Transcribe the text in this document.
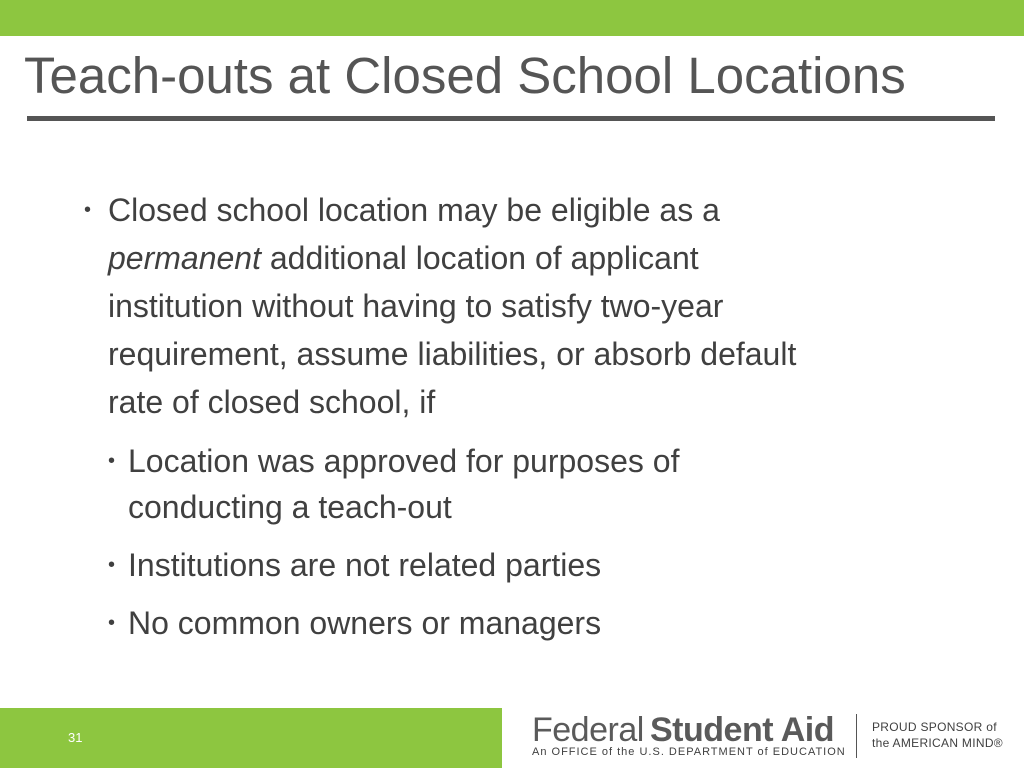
Teach-outs at Closed School Locations
• Closed school location may be eligible as a
permanent additional location of applicant
institution without having to satisfy two-year
requirement, assume liabilities, or absorb default
rate of closed school, if
• Location was approved for purposes of
conducting a teach-out
• Institutions are not related parties
• No common owners or managers
31	Federal Student Aid
An OFFICE of the U.S. DEPARTMENT of EDUCATION
PROUD SPONSOR of
the AMERICAN MIND®
